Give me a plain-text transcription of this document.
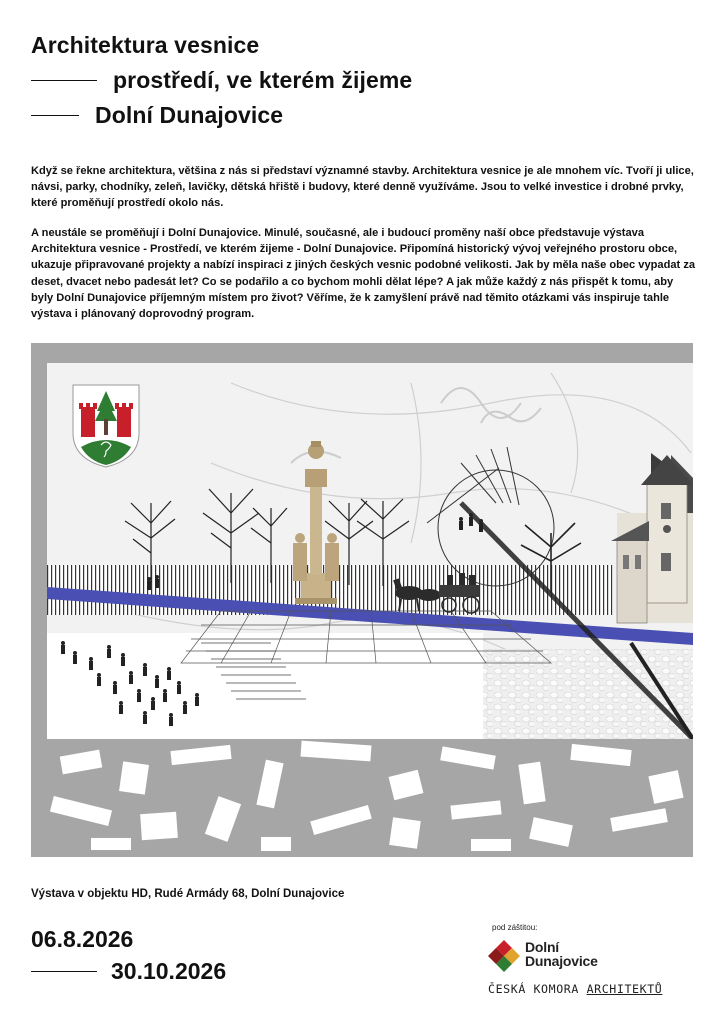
Architektura vesnice
prostředí, ve kterém žijeme
Dolní Dunajovice

Když se řekne architektura, většina z nás si představí významné stavby. Architektura vesnice je ale mnohem víc. Tvoří ji ulice, návsi, parky, chodníky, zeleň, lavičky, dětská hřiště i budovy, které denně využíváme. Jsou to velké investice i drobné prvky, které proměňují prostředí okolo nás.

A neustále se proměňují i Dolní Dunajovice. Minulé, současné, ale i budoucí proměny naší obce představuje výstava Architektura vesnice - Prostředí, ve kterém žijeme - Dolní Dunajovice. Připomíná historický vývoj veřejného prostoru obce, ukazuje připravované projekty a nabízí inspiraci z jiných českých vesnic podobné velikosti. Jak by měla naše obec vypadat za deset, dvacet nebo padesát let? Co se podařilo a co bychom mohli dělat lépe? A jak může každý z nás přispět k tomu, aby byly Dolní Dunajovice příjemným místem pro život? Věříme, že k zamyšlení právě nad těmito otázkami vás inspiruje tahle výstava i plánovaný doprovodný program.

Výstava v objektu HD, Rudé Armády 68, Dolní Dunajovice

06.8.2026
30.10.2026
pod záštitou:
Dolní
Dunajovice
ČESKÁ KOMORA ARCHITEKTŮ
